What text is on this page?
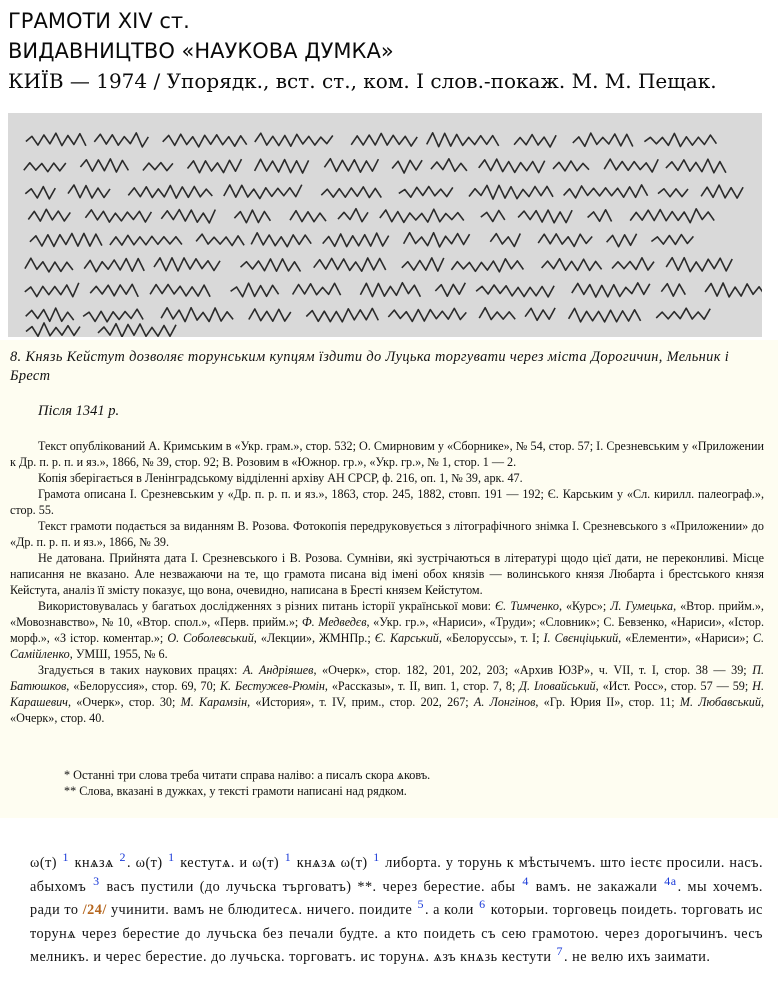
ГРАМОТИ XIV ст.
ВИДАВНИЦТВО «НАУКОВА ДУМКА»
КИЇВ — 1974 / Упорядк., вст. ст., ком. І слов.-покаж. М. М. Пещак.
8. Князь Кейстут дозволяє торунським купцям їздити до Луцька торгувати через міста Дорогичин, Мельник і Брест
Після 1341 р.

Текст опублікований А. Кримським в «Укр. грам.», стор. 532; О. Смирновим у «Сборнике», № 54, стор. 57; І. Срезневським у «Приложении к Др. п. р. п. и яз.», 1866, № 39, стор. 92; В. Розовим в «Южнор. гр.», «Укр. гр.», № 1, стор. 1 — 2.

Копія зберігається в Ленінградському відділенні архіву АН СРСР, ф. 216, оп. 1, № 39, арк. 47.

Грамота описана І. Срезневським у «Др. п. р. п. и яз.», 1863, стор. 245, 1882, стовп. 191 — 192; Є. Карським у «Сл. кирилл. палеограф.», стор. 55.

Текст грамоти подається за виданням В. Розова. Фотокопія передрукoвується з літографічного знімка І. Срезневського з «Приложении» до «Др. п. р. п. и яз.», 1866, № 39.

Не датована. Прийнята дата І. Срезневського і В. Розова. Сумніви, які зустрічаються в літературі щодо цієї дати, не переконливі. Місце написання не вказано. Але незважаючи на те, що грамота писана від імені обох князів — волинського князя Любарта і брестського князя Кейстута, аналіз її змісту показує, що вона, очевидно, написана в Бресті князем Кейстутом.

Використовувалась у багатьох дослідженнях з різних питань історії української мови: Є. Тимченко, «Курс»; Л. Гумецька, «Втор. прийм.», «Мовознавство», № 10, «Втор. спол.», «Перв. прийм.»; Ф. Медведєв, «Укр. гр.», «Нариси», «Труди»; «Словник»; С. Бевзенко, «Нариси», «Істор. морф.», «З істор. коментар.»; О. Соболевський, «Лекции», ЖМНПр.; Є. Карський, «Белоруссы», т. I; І. Свєнціцький, «Елементи», «Нариси»; С. Самійленко, УМШ, 1955, № 6.

Згадується в таких наукових працях: А. Андріяшев, «Очерк», стор. 182, 201, 202, 203; «Архив ЮЗР», ч. VII, т. I, стор. 38 — 39; П. Батюшков, «Белоруссия», стор. 69, 70; К. Бестужев-Рюмін, «Рассказы», т. II, вип. 1, стор. 7, 8; Д. Іловайський, «Ист. Росс», стор. 57 — 59; Н. Карашевич, «Очерк», стор. 30; М. Карамзін, «История», т. IV, прим., стор. 202, 267; А. Лонгінов, «Гр. Юрия II», стор. 11; М. Любавський, «Очерк», стор. 40.

* Останні три слова треба читати справа наліво: а писалъ скора ѧковъ.
** Слова, вказані в дужках, у тексті грамоти написані над рядком.
ω(т) $^1$ кнѧзѧ $^2$. ω(т) $^1$ кестутѧ. и ω(т) $^1$ кнѧзѧ ω(т) $^1$ либорта. у торунь к мѣстычемъ. што іестє просили. насъ. абыхомъ $^3$ васъ пустили (до лучьска търговатъ) **. через берестие. абы $^4$ вамъ. не закажали $^{4а}$. мы хочемъ. ради то /24/ учинити. вамъ не блюдитесѧ. ничего. поидите $^5$. а коли $^6$ которыи. торговець поидеть. торговать ис торунѧ через берестие до лучьска без печали будте. а кто поидеть съ сею грамотою. через дорогычинъ. чесъ мелникъ. и черес берестие. до лучьска. торговатъ. ис торунѧ. ѧзъ кнѧзь кестути $^7$. не велю ихъ заимати.
